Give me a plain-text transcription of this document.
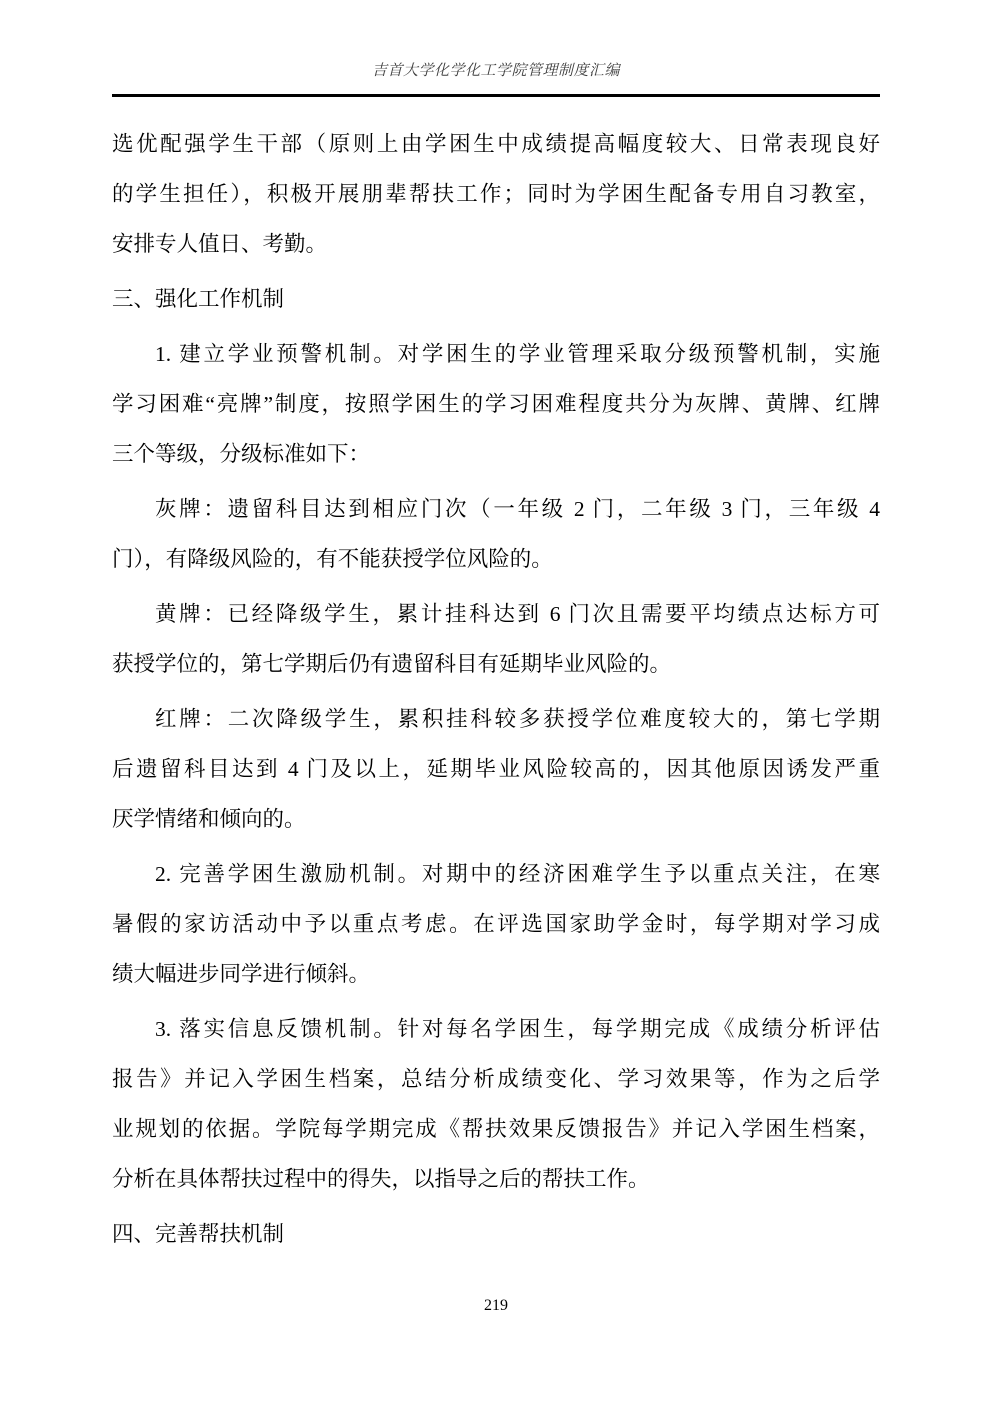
吉首大学化学化工学院管理制度汇编
选优配强学生干部（原则上由学困生中成绩提高幅度较大、日常表现良好
的学生担任），积极开展朋辈帮扶工作；同时为学困生配备专用自习教室，
安排专人值日、考勤。
三、强化工作机制
1. 建立学业预警机制。对学困生的学业管理采取分级预警机制，实施
学习困难“亮牌”制度，按照学困生的学习困难程度共分为灰牌、黄牌、红牌
三个等级，分级标准如下：
灰牌：遗留科目达到相应门次（一年级 2 门，二年级 3 门，三年级 4
门），有降级风险的，有不能获授学位风险的。
黄牌：已经降级学生，累计挂科达到 6 门次且需要平均绩点达标方可
获授学位的，第七学期后仍有遗留科目有延期毕业风险的。
红牌：二次降级学生，累积挂科较多获授学位难度较大的，第七学期
后遗留科目达到 4 门及以上，延期毕业风险较高的，因其他原因诱发严重
厌学情绪和倾向的。
2. 完善学困生激励机制。对期中的经济困难学生予以重点关注，在寒
暑假的家访活动中予以重点考虑。在评选国家助学金时，每学期对学习成
绩大幅进步同学进行倾斜。
3. 落实信息反馈机制。针对每名学困生，每学期完成《成绩分析评估
报告》并记入学困生档案，总结分析成绩变化、学习效果等，作为之后学
业规划的依据。学院每学期完成《帮扶效果反馈报告》并记入学困生档案，
分析在具体帮扶过程中的得失，以指导之后的帮扶工作。
四、完善帮扶机制
219
